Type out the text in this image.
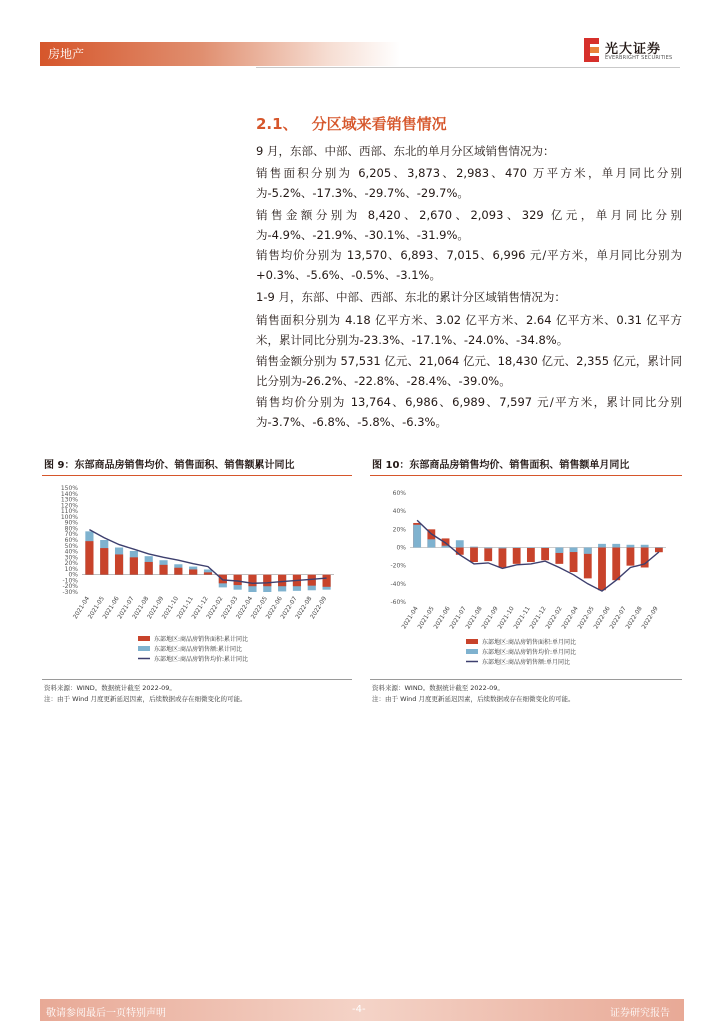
房地产	光大证券
EVERBRIGHT SECURITIES
2.1、 分区域来看销售情况
9 月，东部、中部、西部、东北的单月分区域销售情况为：
销售面积分别为 6,205、3,873、2,983、470 万平方米，单月同比分别为-5.2%、-17.3%、-29.7%、-29.7%。
销售金额分别为 8,420、2,670、2,093、329 亿元，单月同比分别为-4.9%、-21.9%、-30.1%、-31.9%。
销售均价分别为 13,570、6,893、7,015、6,996 元/平方米，单月同比分别为+0.3%、-5.6%、-0.5%、-3.1%。
1-9 月，东部、中部、西部、东北的累计分区域销售情况为：
销售面积分别为 4.18 亿平方米、3.02 亿平方米、2.64 亿平方米、0.31 亿平方米，累计同比分别为-23.3%、-17.1%、-24.0%、-34.8%。
销售金额分别为 57,531 亿元、21,064 亿元、18,430 亿元、2,355 亿元，累计同比分别为-26.2%、-22.8%、-28.4%、-39.0%。
销售均价分别为 13,764、6,986、6,989、7,597 元/平方米，累计同比分别为-3.7%、-6.8%、-5.8%、-6.3%。
图 9：东部商品房销售均价、销售面积、销售额累计同比
-30%
-20%
-10%
0%
10%
20%
30%
40%
50%
60%
70%
80%
90%
100%
110%
120%
130%
140%
150%
2021-04
2021-05
2021-06
2021-07
2021-08
2021-09
2021-10
2021-11
2021-12
2022-02
2022-03
2022-04
2022-05
2022-06
2022-07
2022-08
2022-09
东部地区:商品房销售面积:累计同比
东部地区:商品房销售额:累计同比
东部地区:商品房销售均价:累计同比
资料来源：WIND。数据统计截至 2022-09。
注：由于 Wind 月度更新延迟因素，后续数据或存在细微变化的可能。
图 10：东部商品房销售均价、销售面积、销售额单月同比
-60%
-40%
-20%
0%
20%
40%
60%
2021-04
2021-05
2021-06
2021-07
2021-08
2021-09
2021-10
2021-11
2021-12
2022-02
2022-04
2022-05
2022-06
2022-07
2022-08
2022-09
东部地区:商品房销售面积:单月同比
东部地区:商品房销售均价:单月同比
东部地区:商品房销售额:单月同比
资料来源：WIND。数据统计截至 2022-09。
注：由于 Wind 月度更新延迟因素，后续数据或存在细微变化的可能。
敬请参阅最后一页特别声明	-4-	证券研究报告
